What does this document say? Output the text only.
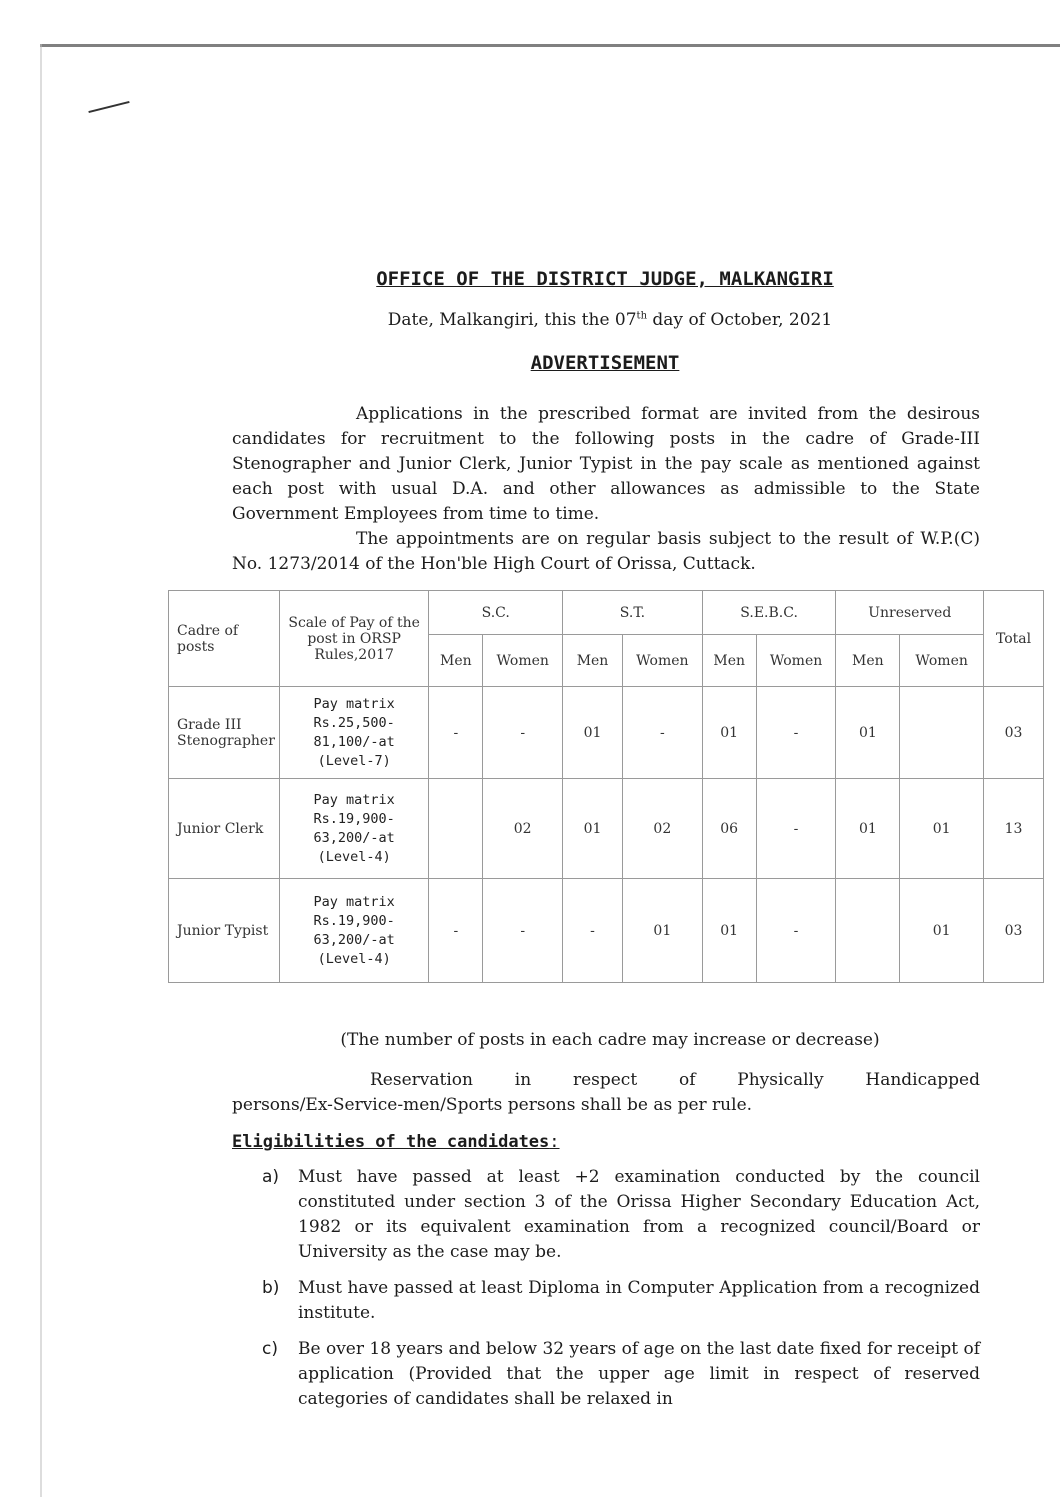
OFFICE OF THE DISTRICT JUDGE, MALKANGIRI
Date, Malkangiri, this the 07th day of October, 2021
ADVERTISEMENT
Applications in the prescribed format are invited from the desirous candidates for recruitment to the following posts in the cadre of Grade-III Stenographer and Junior Clerk, Junior Typist in the pay scale as mentioned against each post with usual D.A. and other allowances as admissible to the State Government Employees from time to time.
The appointments are on regular basis subject to the result of W.P.(C) No. 1273/2014 of the Hon'ble High Court of Orissa, Cuttack.
Cadre of posts	Scale of Pay of the post in ORSP Rules,2017	S.C.		S.T.		S.E.B.C.		Unreserved		Total
		Men	Women	Men	Women	Men	Women	Men	Women	
Grade III Stenographer	Pay matrix Rs.25,500-81,100/-at (Level-7)	-	-	01	-	01	-	01		03
Junior Clerk	Pay matrix Rs.19,900-63,200/-at (Level-4)		02	01	02	06	-	01	01	13
Junior Typist	Pay matrix Rs.19,900-63,200/-at (Level-4)	-	-	-	01	01	-		01	03
(The number of posts in each cadre may increase or decrease)
Reservation in respect of Physically Handicapped
persons/Ex-Service-men/Sports persons shall be as per rule.
Eligibilities of the candidates:
a)	Must have passed at least +2 examination conducted by the council constituted under section 3 of the Orissa Higher Secondary Education Act, 1982 or its equivalent examination from a recognized council/Board or University as the case may be.
b)	Must have passed at least Diploma in Computer Application from a recognized institute.
c)	Be over 18 years and below 32 years of age on the last date fixed for receipt of application (Provided that the upper age limit in respect of reserved categories of candidates shall be relaxed in
